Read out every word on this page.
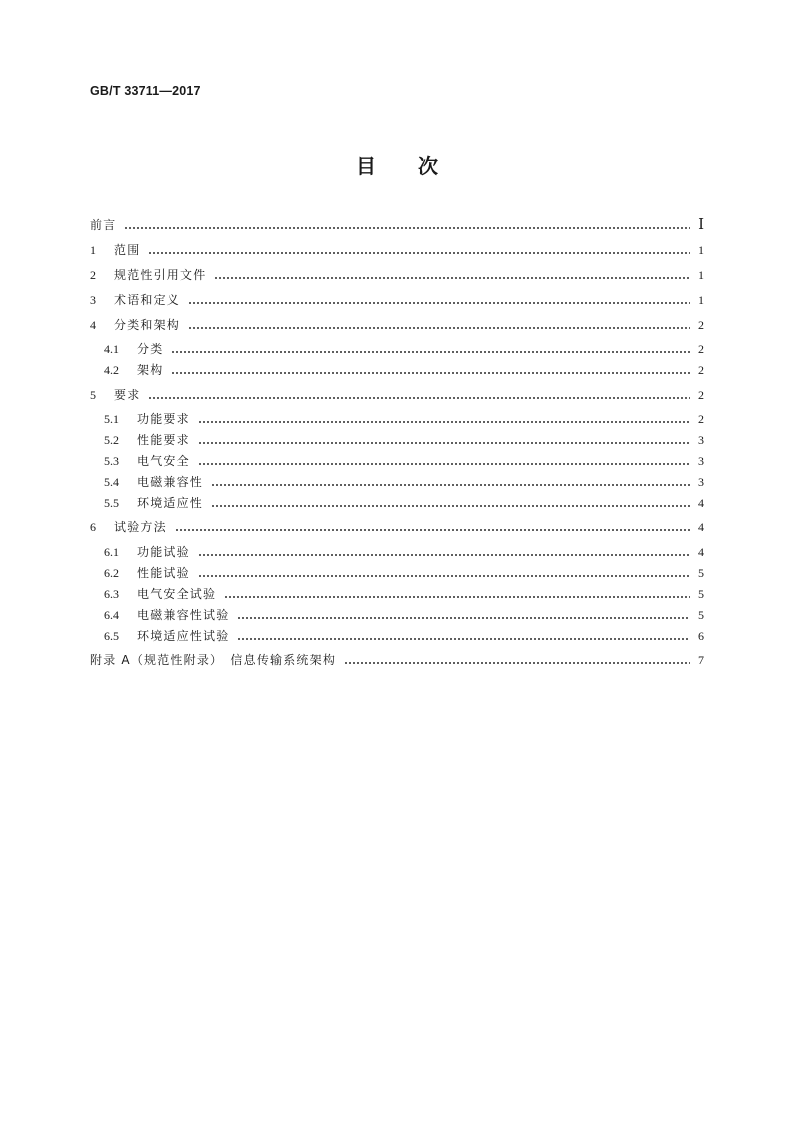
GB/T 33711—2017
目 次
前言	Ⅰ
1	范围	1
2	规范性引用文件	1
3	术语和定义	1
4	分类和架构	2
4.1	分类	2
4.2	架构	2
5	要求	2
5.1	功能要求	2
5.2	性能要求	3
5.3	电气安全	3
5.4	电磁兼容性	3
5.5	环境适应性	4
6	试验方法	4
6.1	功能试验	4
6.2	性能试验	5
6.3	电气安全试验	5
6.4	电磁兼容性试验	5
6.5	环境适应性试验	6
附录 A（规范性附录）　信息传输系统架构	7
